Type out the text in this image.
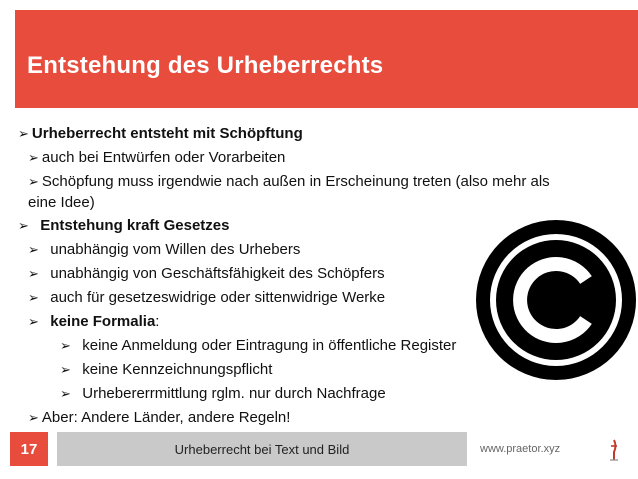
Entstehung des Urheberrechts
➢ Urheberrecht entsteht mit Schöpftung
➢ auch bei Entwürfen oder Vorarbeiten
➢ Schöpfung muss irgendwie nach außen in Erscheinung treten (also mehr als eine Idee)
➢ Entstehung kraft Gesetzes
➢ unabhängig vom Willen des Urhebers
➢ unabhängig von Geschäftsfähigkeit des Schöpfers
➢ auch für gesetzeswidrige oder sittenwidrige Werke
➢ keine Formalia:
➢ keine Anmeldung oder Eintragung in öffentliche Register
➢ keine Kennzeichnungspflicht
➢ Urhebererrmittlung rglm. nur durch Nachfrage
➢ Aber: Andere Länder, andere Regeln!
17	Urheberrecht bei Text und Bild	www.praetor.xyz
